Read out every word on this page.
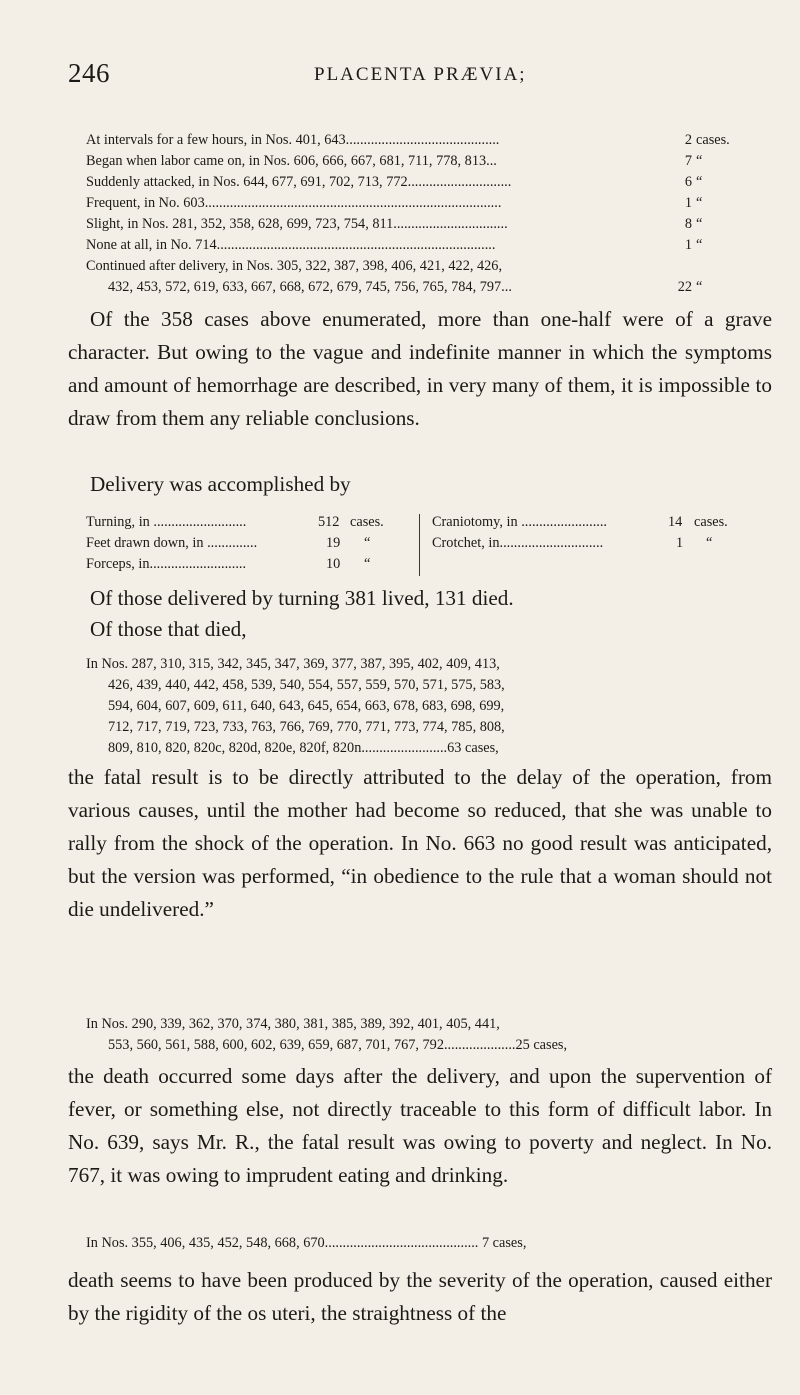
246	PLACENTA PRÆVIA;
At intervals for a few hours, in Nos. 401, 643...........................................	2 cases.
Began when labor came on, in Nos. 606, 666, 667, 681, 711, 778, 813...	7 “
Suddenly attacked, in Nos. 644, 677, 691, 702, 713, 772.............................	6 “
Frequent, in No. 603...................................................................................	1 “
Slight, in Nos. 281, 352, 358, 628, 699, 723, 754, 811................................	8 “
None at all, in No. 714..............................................................................	1 “
Continued after delivery, in Nos. 305, 322, 387, 398, 406, 421, 422, 426,
432, 453, 572, 619, 633, 667, 668, 672, 679, 745, 756, 765, 784, 797...	22 “

Of the 358 cases above enumerated, more than one-half were of a grave character. But owing to the vague and indefinite manner in which the symptoms and amount of hemorrhage are described, in very many of them, it is impossible to draw from them any reliable conclusions.

Delivery was accomplished by

Turning, in ..........................	512 cases.
Feet drawn down, in ..............	19 “
Forceps, in...........................	10 “
Craniotomy, in ........................	14 cases.
Crotchet, in.............................	1 “

Of those delivered by turning 381 lived, 131 died.

Of those that died,

In Nos. 287, 310, 315, 342, 345, 347, 369, 377, 387, 395, 402, 409, 413,
426, 439, 440, 442, 458, 539, 540, 554, 557, 559, 570, 571, 575, 583,
594, 604, 607, 609, 611, 640, 643, 645, 654, 663, 678, 683, 698, 699,
712, 717, 719, 723, 733, 763, 766, 769, 770, 771, 773, 774, 785, 808,
809, 810, 820, 820c, 820d, 820e, 820f, 820n........................63 cases,

the fatal result is to be directly attributed to the delay of the operation, from various causes, until the mother had become so reduced, that she was unable to rally from the shock of the operation. In No. 663 no good result was anticipated, but the version was performed, “in obedience to the rule that a woman should not die undelivered.”

In Nos. 290, 339, 362, 370, 374, 380, 381, 385, 389, 392, 401, 405, 441,
553, 560, 561, 588, 600, 602, 639, 659, 687, 701, 767, 792....................25 cases,

the death occurred some days after the delivery, and upon the supervention of fever, or something else, not directly traceable to this form of difficult labor. In No. 639, says Mr. R., the fatal result was owing to poverty and neglect. In No. 767, it was owing to imprudent eating and drinking.

In Nos. 355, 406, 435, 452, 548, 668, 670........................................... 7 cases,

death seems to have been produced by the severity of the operation, caused either by the rigidity of the os uteri, the straightness of the
